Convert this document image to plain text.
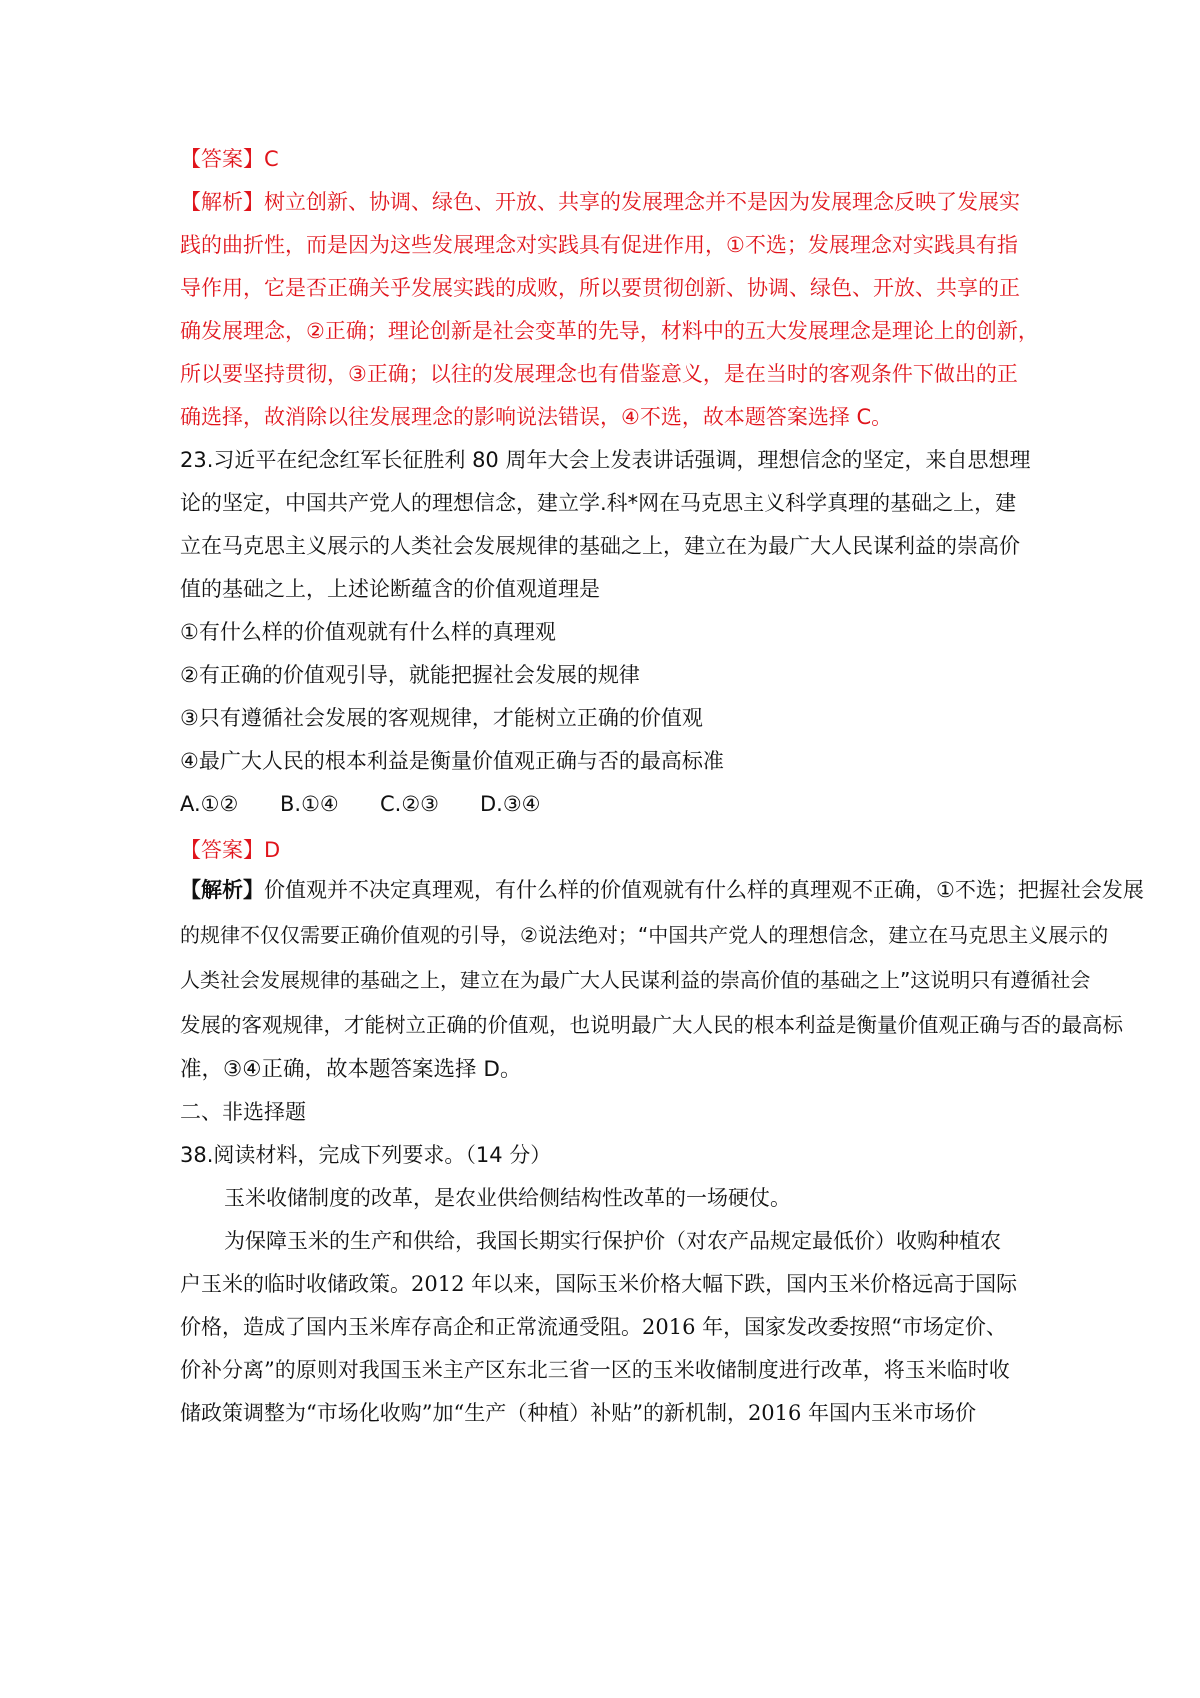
【答案】C
【解析】树立创新、协调、绿色、开放、共享的发展理念并不是因为发展理念反映了发展实
践的曲折性，而是因为这些发展理念对实践具有促进作用，①不选；发展理念对实践具有指
导作用，它是否正确关乎发展实践的成败，所以要贯彻创新、协调、绿色、开放、共享的正
确发展理念，②正确；理论创新是社会变革的先导，材料中的五大发展理念是理论上的创新，
所以要坚持贯彻，③正确；以往的发展理念也有借鉴意义，是在当时的客观条件下做出的正
确选择，故消除以往发展理念的影响说法错误，④不选，故本题答案选择 C。
23.习近平在纪念红军长征胜利 80 周年大会上发表讲话强调，理想信念的坚定，来自思想理
论的坚定，中国共产党人的理想信念，建立学.科*网在马克思主义科学真理的基础之上，建
立在马克思主义展示的人类社会发展规律的基础之上，建立在为最广大人民谋利益的崇高价
值的基础之上，上述论断蕴含的价值观道理是
①有什么样的价值观就有什么样的真理观
②有正确的价值观引导，就能把握社会发展的规律
③只有遵循社会发展的客观规律，才能树立正确的价值观
④最广大人民的根本利益是衡量价值观正确与否的最高标准
A.①② B.①④ C.②③ D.③④
【答案】D
【解析】价值观并不决定真理观，有什么样的价值观就有什么样的真理观不正确，①不选；把握社会发展
的规律不仅仅需要正确价值观的引导，②说法绝对；“中国共产党人的理想信念，建立在马克思主义展示的
人类社会发展规律的基础之上，建立在为最广大人民谋利益的崇高价值的基础之上”这说明只有遵循社会
发展的客观规律，才能树立正确的价值观，也说明最广大人民的根本利益是衡量价值观正确与否的最高标
准，③④正确，故本题答案选择 D。
二、非选择题
38.阅读材料，完成下列要求。（14 分）
玉米收储制度的改革，是农业供给侧结构性改革的一场硬仗。
为保障玉米的生产和供给，我国长期实行保护价（对农产品规定最低价）收购种植农
户玉米的临时收储政策。2012 年以来，国际玉米价格大幅下跌，国内玉米价格远高于国际
价格，造成了国内玉米库存高企和正常流通受阻。2016 年，国家发改委按照“市场定价、
价补分离”的原则对我国玉米主产区东北三省一区的玉米收储制度进行改革，将玉米临时收
储政策调整为“市场化收购”加“生产（种植）补贴”的新机制，2016 年国内玉米市场价
